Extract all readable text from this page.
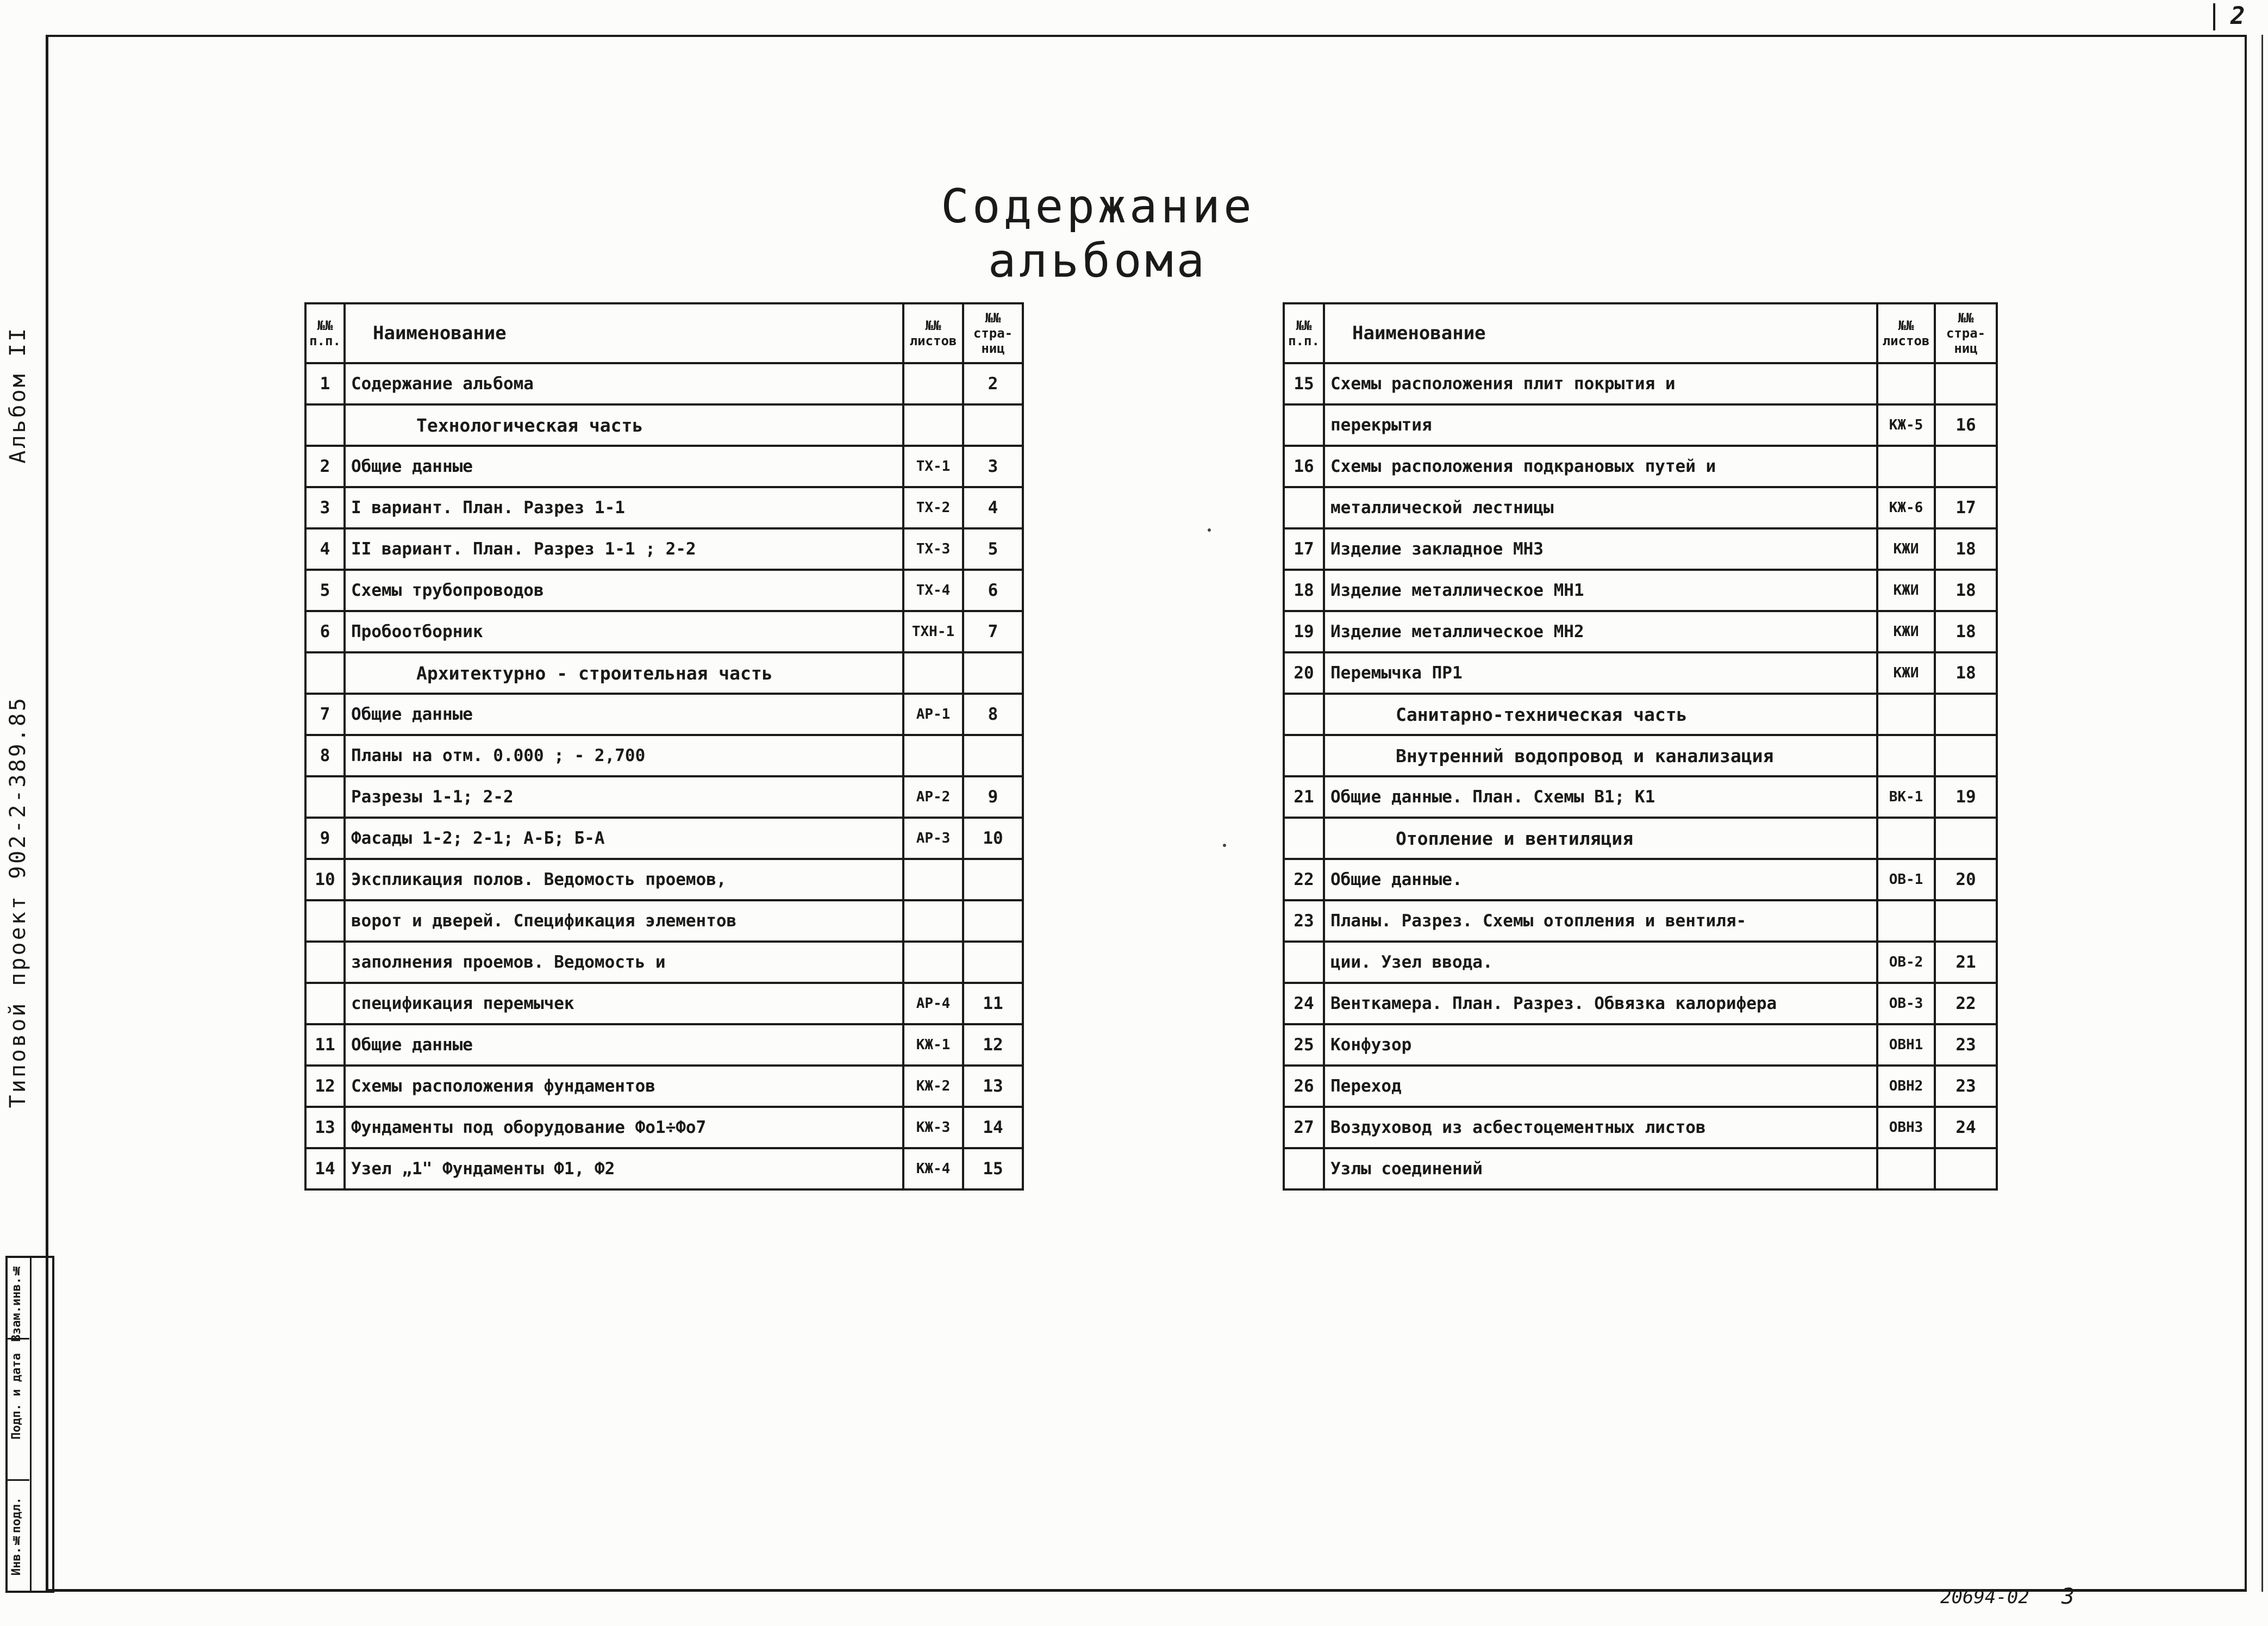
2
Альбом II
Типовой проект 902-2-389.85
Инв.№подл.
Подп. и дата
Взам.инв.№
Содержание альбома
№№ п.п.	Наименование	№№ листов	№№ стра-ниц
1	Содержание альбома		2
	Технологическая часть		
2	Общие данные	ТХ-1	3
3	I вариант. План. Разрез 1-1	ТХ-2	4
4	II вариант. План. Разрез 1-1 ; 2-2	ТХ-3	5
5	Схемы трубопроводов	ТХ-4	6
6	Пробоотборник	ТХН-1	7
	Архитектурно - строительная часть		
7	Общие данные	АР-1	8
8	Планы на отм. 0.000 ; - 2,700		
	Разрезы 1-1; 2-2	АР-2	9
9	Фасады 1-2; 2-1; А-Б; Б-А	АР-3	10
10	Экспликация полов. Ведомость проемов,		
	ворот и дверей. Спецификация элементов		
	заполнения проемов. Ведомость и		
	спецификация перемычек	АР-4	11
11	Общие данные	КЖ-1	12
12	Схемы расположения фундаментов	КЖ-2	13
13	Фундаменты под оборудование Фо1÷Фо7	КЖ-3	14
14	Узел „1" Фундаменты Ф1, Ф2	КЖ-4	15
№№ п.п.	Наименование	№№ листов	№№ стра-ниц
15	Схемы расположения плит покрытия и		
	перекрытия	КЖ-5	16
16	Схемы расположения подкрановых путей и		
	металлической лестницы	КЖ-6	17
17	Изделие закладное МН3	КЖИ	18
18	Изделие металлическое МН1	КЖИ	18
19	Изделие металлическое МН2	КЖИ	18
20	Перемычка ПР1	КЖИ	18
	Санитарно-техническая часть		
	Внутренний водопровод и канализация		
21	Общие данные. План. Схемы В1; К1	ВК-1	19
	Отопление и вентиляция		
22	Общие данные.	ОВ-1	20
23	Планы. Разрез. Схемы отопления и вентиля-		
	ции. Узел ввода.	ОВ-2	21
24	Венткамера. План. Разрез. Обвязка калорифера	ОВ-3	22
25	Конфузор	ОВН1	23
26	Переход	ОВН2	23
27	Воздуховод из асбестоцементных листов	ОВН3	24
	Узлы соединений		
20694-02 3
